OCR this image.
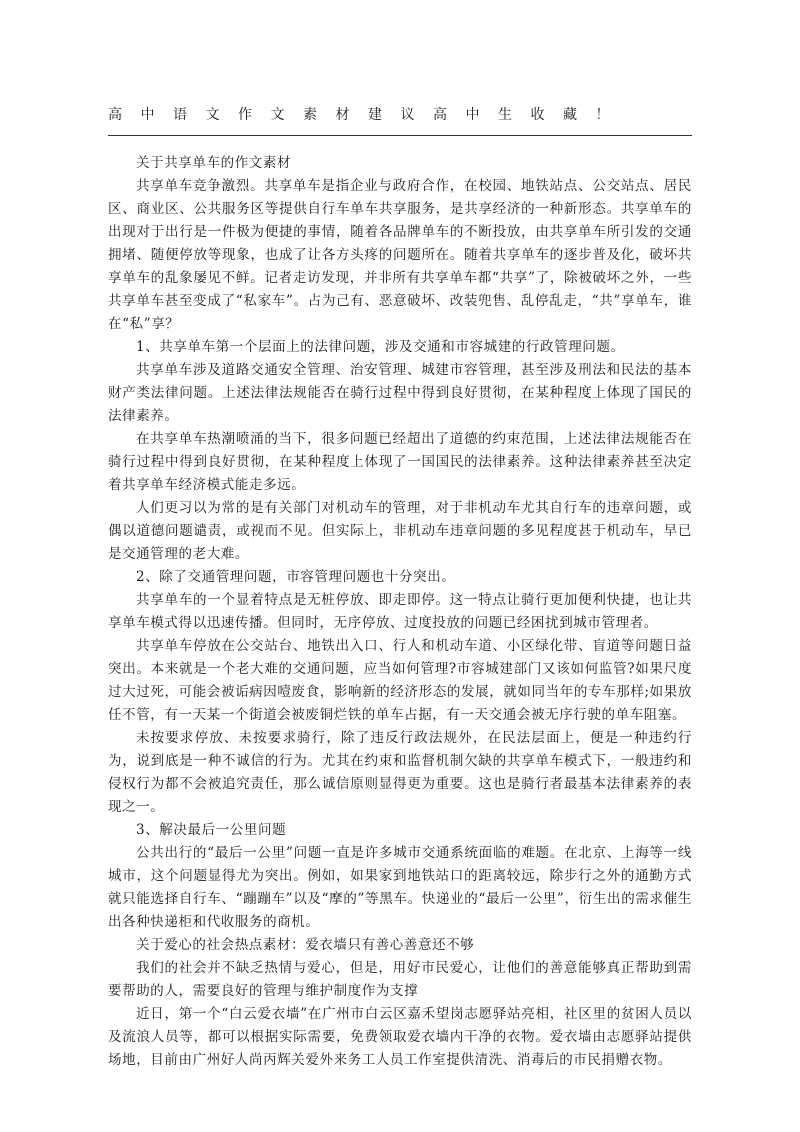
高中语文作文素材建议高中生收藏！

关于共享单车的作文素材

共享单车竞争激烈。共享单车是指企业与政府合作，在校园、地铁站点、公交站点、居民区、商业区、公共服务区等提供自行车单车共享服务，是共享经济的一种新形态。共享单车的出现对于出行是一件极为便捷的事情，随着各品牌单车的不断投放，由共享单车所引发的交通拥堵、随便停放等现象，也成了让各方头疼的问题所在。随着共享单车的逐步普及化，破坏共享单车的乱象屡见不鲜。记者走访发现，并非所有共享单车都“共享”了，除被破坏之外，一些共享单车甚至变成了“私家车”。占为己有、恶意破坏、改装兜售、乱停乱走，“共”享单车，谁在“私”享？

1、共享单车第一个层面上的法律问题，涉及交通和市容城建的行政管理问题。

共享单车涉及道路交通安全管理、治安管理、城建市容管理，甚至涉及刑法和民法的基本财产类法律问题。上述法律法规能否在骑行过程中得到良好贯彻，在某种程度上体现了国民的法律素养。

在共享单车热潮喷涌的当下，很多问题已经超出了道德的约束范围，上述法律法规能否在骑行过程中得到良好贯彻，在某种程度上体现了一国国民的法律素养。这种法律素养甚至决定着共享单车经济模式能走多远。

人们更习以为常的是有关部门对机动车的管理，对于非机动车尤其自行车的违章问题，或偶以道德问题谴责，或视而不见。但实际上，非机动车违章问题的多见程度甚于机动车，早已是交通管理的老大难。

2、除了交通管理问题，市容管理问题也十分突出。

共享单车的一个显着特点是无桩停放、即走即停。这一特点让骑行更加便利快捷，也让共享单车模式得以迅速传播。但同时，无序停放、过度投放的问题已经困扰到城市管理者。

共享单车停放在公交站台、地铁出入口、行人和机动车道、小区绿化带、盲道等问题日益突出。本来就是一个老大难的交通问题，应当如何管理?市容城建部门又该如何监管?如果尺度过大过死，可能会被诟病因噎废食，影响新的经济形态的发展，就如同当年的专车那样;如果放任不管，有一天某一个街道会被废铜烂铁的单车占据，有一天交通会被无序行驶的单车阻塞。

未按要求停放、未按要求骑行，除了违反行政法规外，在民法层面上，便是一种违约行为，说到底是一种不诚信的行为。尤其在约束和监督机制欠缺的共享单车模式下，一般违约和侵权行为都不会被追究责任，那么诚信原则显得更为重要。这也是骑行者最基本法律素养的表现之一。

3、解决最后一公里问题

公共出行的“最后一公里”问题一直是许多城市交通系统面临的难题。在北京、上海等一线城市，这个问题显得尤为突出。例如，如果家到地铁站口的距离较远，除步行之外的通勤方式就只能选择自行车、“蹦蹦车”以及“摩的”等黑车。快递业的“最后一公里”，衍生出的需求催生出各种快递柜和代收服务的商机。

关于爱心的社会热点素材：爱衣墙只有善心善意还不够

我们的社会并不缺乏热情与爱心，但是，用好市民爱心，让他们的善意能够真正帮助到需要帮助的人，需要良好的管理与维护制度作为支撑

近日，第一个“白云爱衣墙”在广州市白云区嘉禾望岗志愿驿站亮相，社区里的贫困人员以及流浪人员等，都可以根据实际需要，免费领取爱衣墙内干净的衣物。爱衣墙由志愿驿站提供场地，目前由广州好人尚丙辉关爱外来务工人员工作室提供清洗、消毒后的市民捐赠衣物。
